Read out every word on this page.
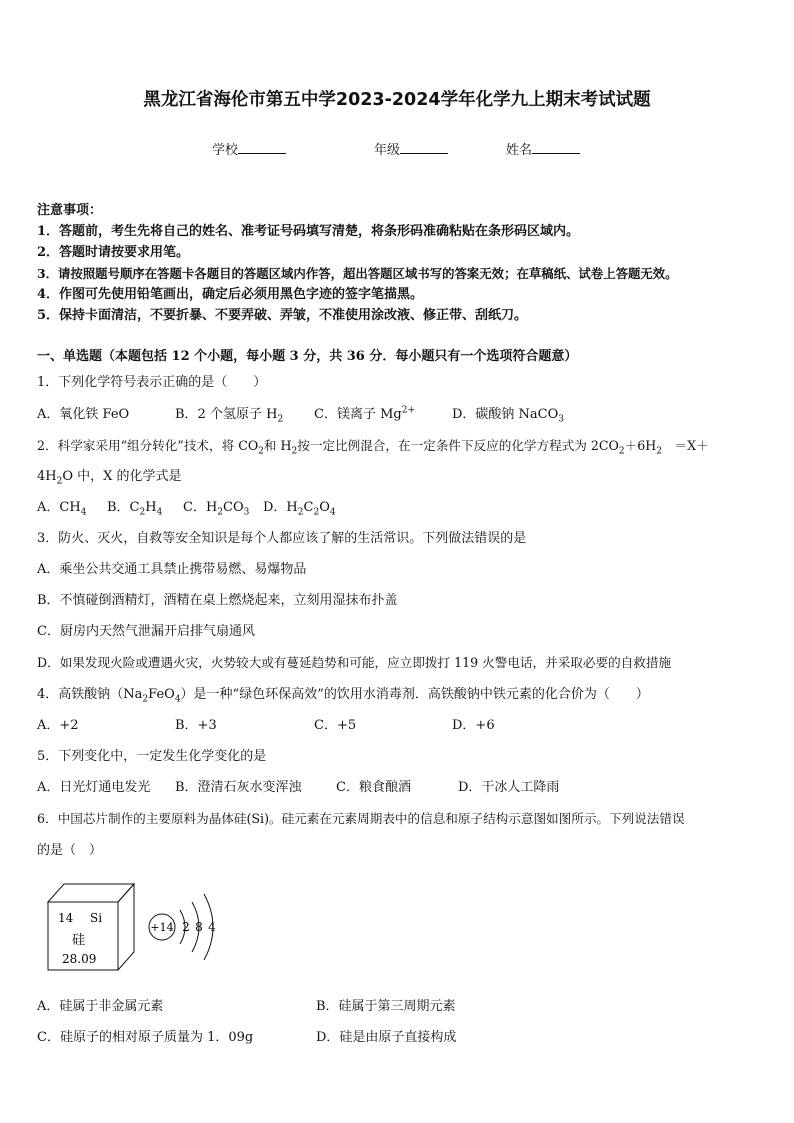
黑龙江省海伦市第五中学2023-2024学年化学九上期末考试试题
学校	年级	姓名
注意事项：
1．答题前，考生先将自己的姓名、准考证号码填写清楚，将条形码准确粘贴在条形码区域内。
2．答题时请按要求用笔。
3．请按照题号顺序在答题卡各题目的答题区域内作答，超出答题区域书写的答案无效；在草稿纸、试卷上答题无效。
4．作图可先使用铅笔画出，确定后必须用黑色字迹的签字笔描黑。
5．保持卡面清洁，不要折暴、不要弄破、弄皱，不准使用涂改液、修正带、刮纸刀。
一、单选题（本题包括 12 个小题，每小题 3 分，共 36 分．每小题只有一个选项符合题意）
1．下列化学符号表示正确的是（　　）
A．氧化铁 FeO	B．2 个氢原子 $H_2$ C．镁离子 $Mg^{2+}$	D．碳酸钠 NaCO$_3$
2．科学家采用“组分转化”技术，将 $CO_2$和 $H_2$按一定比例混合，在一定条件下反应的化学方程式为 $2CO_2+6H_2$　＝X＋
$4H_2O$ 中，X 的化学式是
A．$CH_4$ B．$C_2H_4$ C．$H_2CO_3$ D．$H_2C_2O_4$
3．防火、灭火，自救等安全知识是每个人都应该了解的生活常识。下列做法错误的是
A．乘坐公共交通工具禁止携带易燃、易爆物品
B．不慎碰倒酒精灯，酒精在桌上燃烧起来，立刻用湿抹布扑盖
C．厨房内天然气泄漏开启排气扇通风
D．如果发现火险或遭遇火灾，火势较大或有蔓延趋势和可能，应立即拨打 119 火警电话，并采取必要的自救措施
4．高铁酸钠$(Na_2FeO_4)$是一种“绿色环保高效”的饮用水消毒剂．高铁酸钠中铁元素的化合价为（　　）
A．+2	B．+3	C．+5	D．+6
5．下列变化中，一定发生化学变化的是
A．日光灯通电发光 B．澄清石灰水变浑浊	C．粮食酿酒	D．干冰人工降雨
6．中国芯片制作的主要原料为晶体硅(Si)。硅元素在元素周期表中的信息和原子结构示意图如图所示。下列说法错误
的是（　）
14 Si
硅
28.09
+14 2 8 4
A．硅属于非金属元素	B．硅属于第三周期元素
C．硅原子的相对原子质量为 1．09g	D．硅是由原子直接构成
